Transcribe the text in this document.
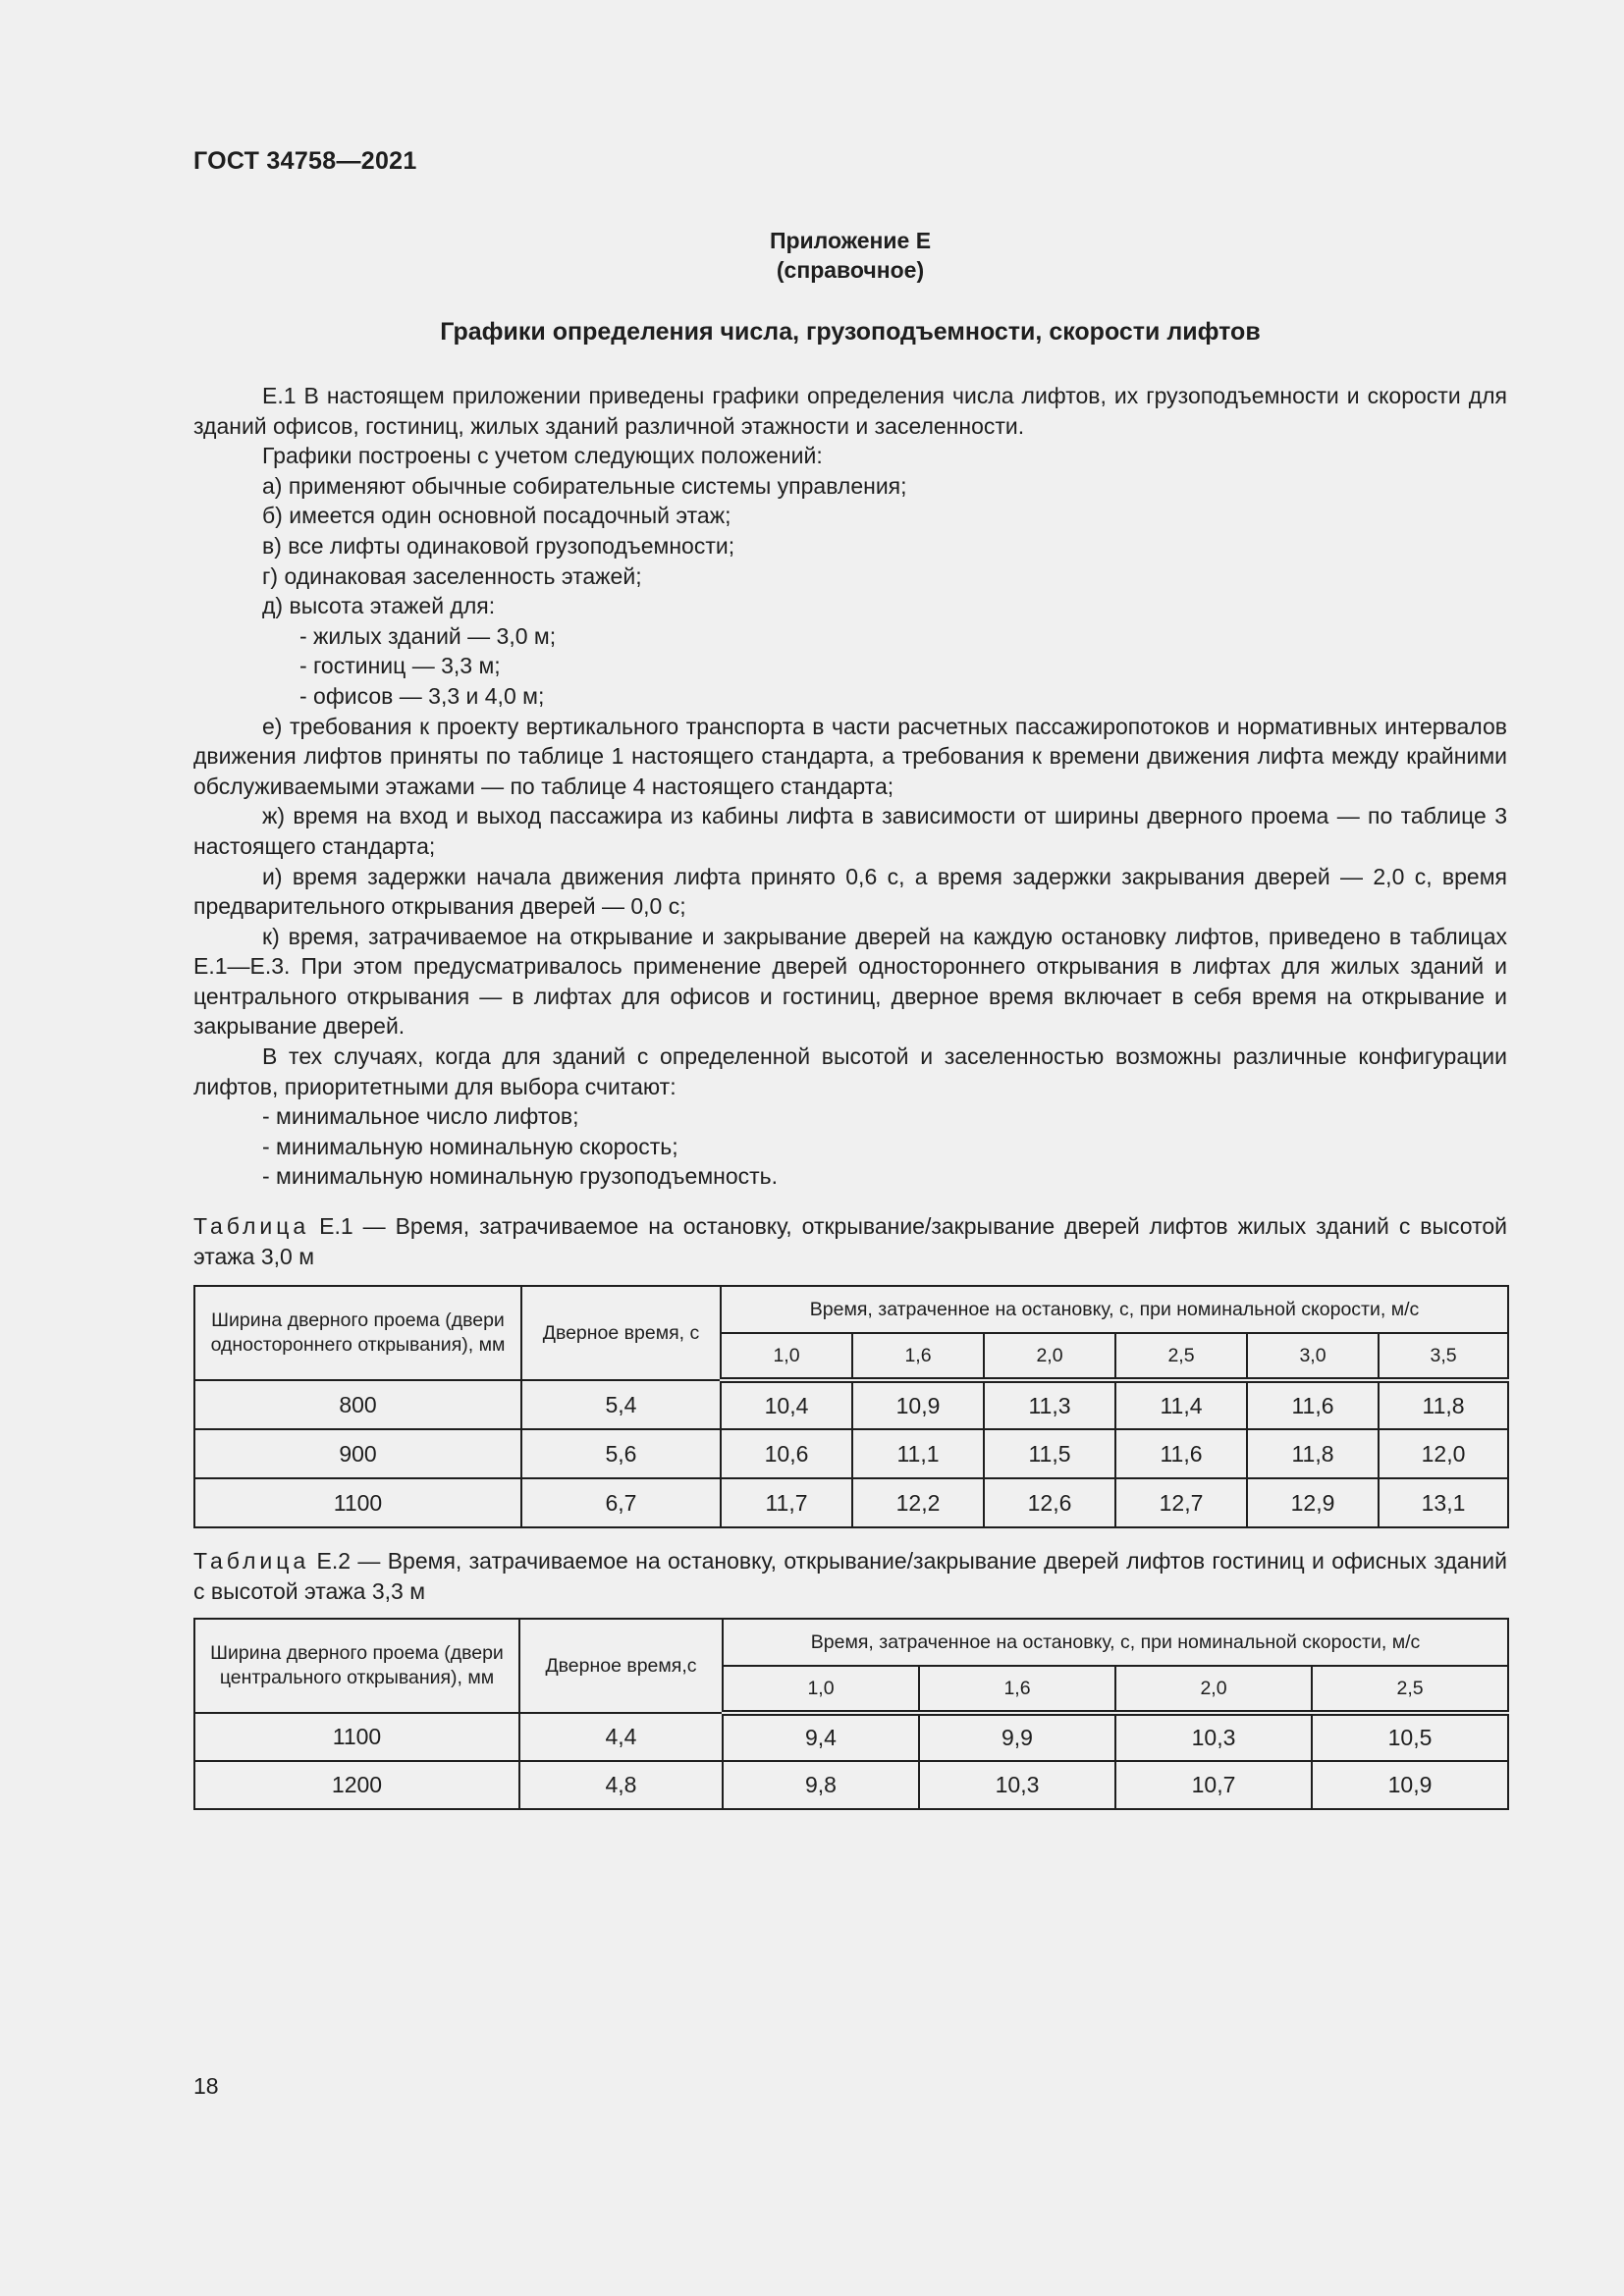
ГОСТ 34758—2021
Приложение Е
(справочное)
Графики определения числа, грузоподъемности, скорости лифтов

Е.1 В настоящем приложении приведены графики определения числа лифтов, их грузоподъемности и скорости для зданий офисов, гостиниц, жилых зданий различной этажности и заселенности.

Графики построены с учетом следующих положений:

а) применяют обычные собирательные системы управления;

б) имеется один основной посадочный этаж;

в) все лифты одинаковой грузоподъемности;

г) одинаковая заселенность этажей;

д) высота этажей для:

- жилых зданий — 3,0 м;

- гостиниц — 3,3 м;

- офисов — 3,3 и 4,0 м;

е) требования к проекту вертикального транспорта в части расчетных пассажиропотоков и нормативных интервалов движения лифтов приняты по таблице 1 настоящего стандарта, а требования к времени движения лифта между крайними обслуживаемыми этажами — по таблице 4 настоящего стандарта;

ж) время на вход и выход пассажира из кабины лифта в зависимости от ширины дверного проема — по таблице 3 настоящего стандарта;

и) время задержки начала движения лифта принято 0,6 с, а время задержки закрывания дверей — 2,0 с, время предварительного открывания дверей — 0,0 с;

к) время, затрачиваемое на открывание и закрывание дверей на каждую остановку лифтов, приведено в таблицах Е.1—Е.3. При этом предусматривалось применение дверей одностороннего открывания в лифтах для жилых зданий и центрального открывания — в лифтах для офисов и гостиниц, дверное время включает в себя время на открывание и закрывание дверей.

В тех случаях, когда для зданий с определенной высотой и заселенностью возможны различные конфигурации лифтов, приоритетными для выбора считают:

- минимальное число лифтов;

- минимальную номинальную скорость;

- минимальную номинальную грузоподъемность.

Таблица Е.1 — Время, затрачиваемое на остановку, открывание/закрывание дверей лифтов жилых зданий с высотой этажа 3,0 м
Ширина дверного проема (двери одностороннего открывания), мм	Дверное время, с	Время, затраченное на остановку, с, при номинальной скорости, м/с					
		1,0	1,6	2,0	2,5	3,0	3,5
800	5,4	10,4	10,9	11,3	11,4	11,6	11,8
900	5,6	10,6	11,1	11,5	11,6	11,8	12,0
1100	6,7	11,7	12,2	12,6	12,7	12,9	13,1
Таблица Е.2 — Время, затрачиваемое на остановку, открывание/закрывание дверей лифтов гостиниц и офисных зданий с высотой этажа 3,3 м
Ширина дверного проема (двери центрального открывания), мм	Дверное время,с	Время, затраченное на остановку, с, при номинальной скорости, м/с			
		1,0	1,6	2,0	2,5
1100	4,4	9,4	9,9	10,3	10,5
1200	4,8	9,8	10,3	10,7	10,9
18
